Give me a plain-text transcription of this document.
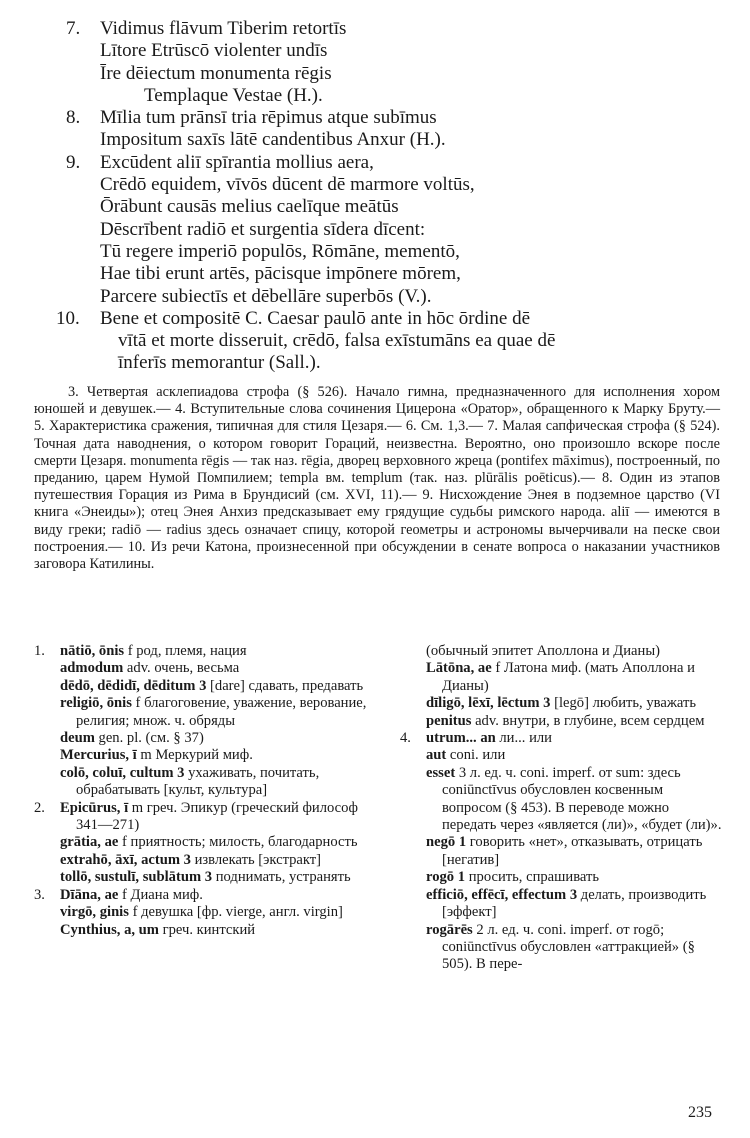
7.	Vidimus flāvum Tiberim retortīs
Lītore Etrūscō violenter undīs
Īre dēiectum monumenta rēgis
Templaque Vestae (H.).
8.	Mīlia tum prānsī tria rēpimus atque subīmus
Impositum saxīs lātē candentibus Anxur (H.).
9.	Excūdent aliī spīrantia mollius aera,
Crēdō equidem, vīvōs dūcent dē marmore voltūs,
Ōrābunt causās melius caelīque meātūs
Dēscrībent radiō et surgentia sīdera dīcent:
Tū regere imperiō populōs, Rōmāne, mementō,
Hae tibi erunt artēs, pācisque impōnere mōrem,
Parcere subiectīs et dēbellāre superbōs (V.).
10.	Bene et compositē C. Caesar paulō ante in hōc ōrdine dē
vītā et morte disseruit, crēdō, falsa exīstumāns ea quae dē
īnferīs memorantur (Sall.).

3. Четвертая асклепиадова строфа (§ 526). Начало гимна, предназначенного для исполнения хором юношей и девушек.— 4. Вступительные слова сочинения Цицерона «Оратор», обращенного к Марку Бруту.— 5. Характеристика сражения, типичная для стиля Цезаря.— 6. См. 1,3.— 7. Малая сапфическая строфа (§ 524). Точная дата наводнения, о котором говорит Гораций, неизвестна. Вероятно, оно произошло вскоре после смерти Цезаря. monumenta rēgis — так наз. rēgia, дворец верховного жреца (pontifex māximus), построенный, по преданию, царем Нумой Помпилием; templa вм. templum (так. наз. plūrālis poēticus).— 8. Один из этапов путешествия Горация из Рима в Брундисий (см. XVI, 11).— 9. Нисхождение Энея в подземное царство (VI книга «Энеиды»); отец Энея Анхиз предсказывает ему грядущие судьбы римского народа. aliī — имеются в виду греки; radiō — radius здесь означает спицу, которой геометры и астрономы вычерчивали на песке свои построения.— 10. Из речи Катона, произнесенной при обсуждении в сенате вопроса о наказании участников заговора Катилины.

1. nātiō, ōnis f род, племя, нация
admodum adv. очень, весьма
dēdō, dēdidī, dēditum 3 [dare] сдавать, предавать
religiō, ōnis f благоговение, уважение, верование, религия; множ. ч. обряды
deum gen. pl. (см. § 37)
Mercurius, ī m Меркурий миф.
colō, coluī, cultum 3 ухаживать, почитать, обрабатывать [культ, культура]
2. Epicūrus, ī m греч. Эпикур (греческий философ 341—271)
grātia, ae f приятность; милость, благодарность
extrahō, āxī, actum 3 извлекать [экстракт]
tollō, sustulī, sublātum 3 поднимать, устранять
3. Dīāna, ae f Диана миф.
virgō, ginis f девушка [фр. vierge, англ. virgin]
Cynthius, a, um греч. кинтский
(обычный эпитет Аполлона и Дианы)
Lātōna, ae f Латона миф. (мать Аполлона и Дианы)
dīligō, lēxī, lēctum 3 [legō] любить, уважать
penitus adv. внутри, в глубине, всем сердцем
4. utrum... an ли... или
aut coni. или
esset 3 л. ед. ч. coni. imperf. от sum: здесь coniūnctīvus обусловлен косвенным вопросом (§ 453). В переводе можно передать через «является (ли)», «будет (ли)».
negō 1 говорить «нет», отказывать, отрицать [негатив]
rogō 1 просить, спрашивать
efficiō, effēcī, effectum 3 делать, производить [эффект]
rogārēs 2 л. ед. ч. coni. imperf. от rogō; coniūnctīvus обусловлен «аттракцией» (§ 505). В пере-
235
